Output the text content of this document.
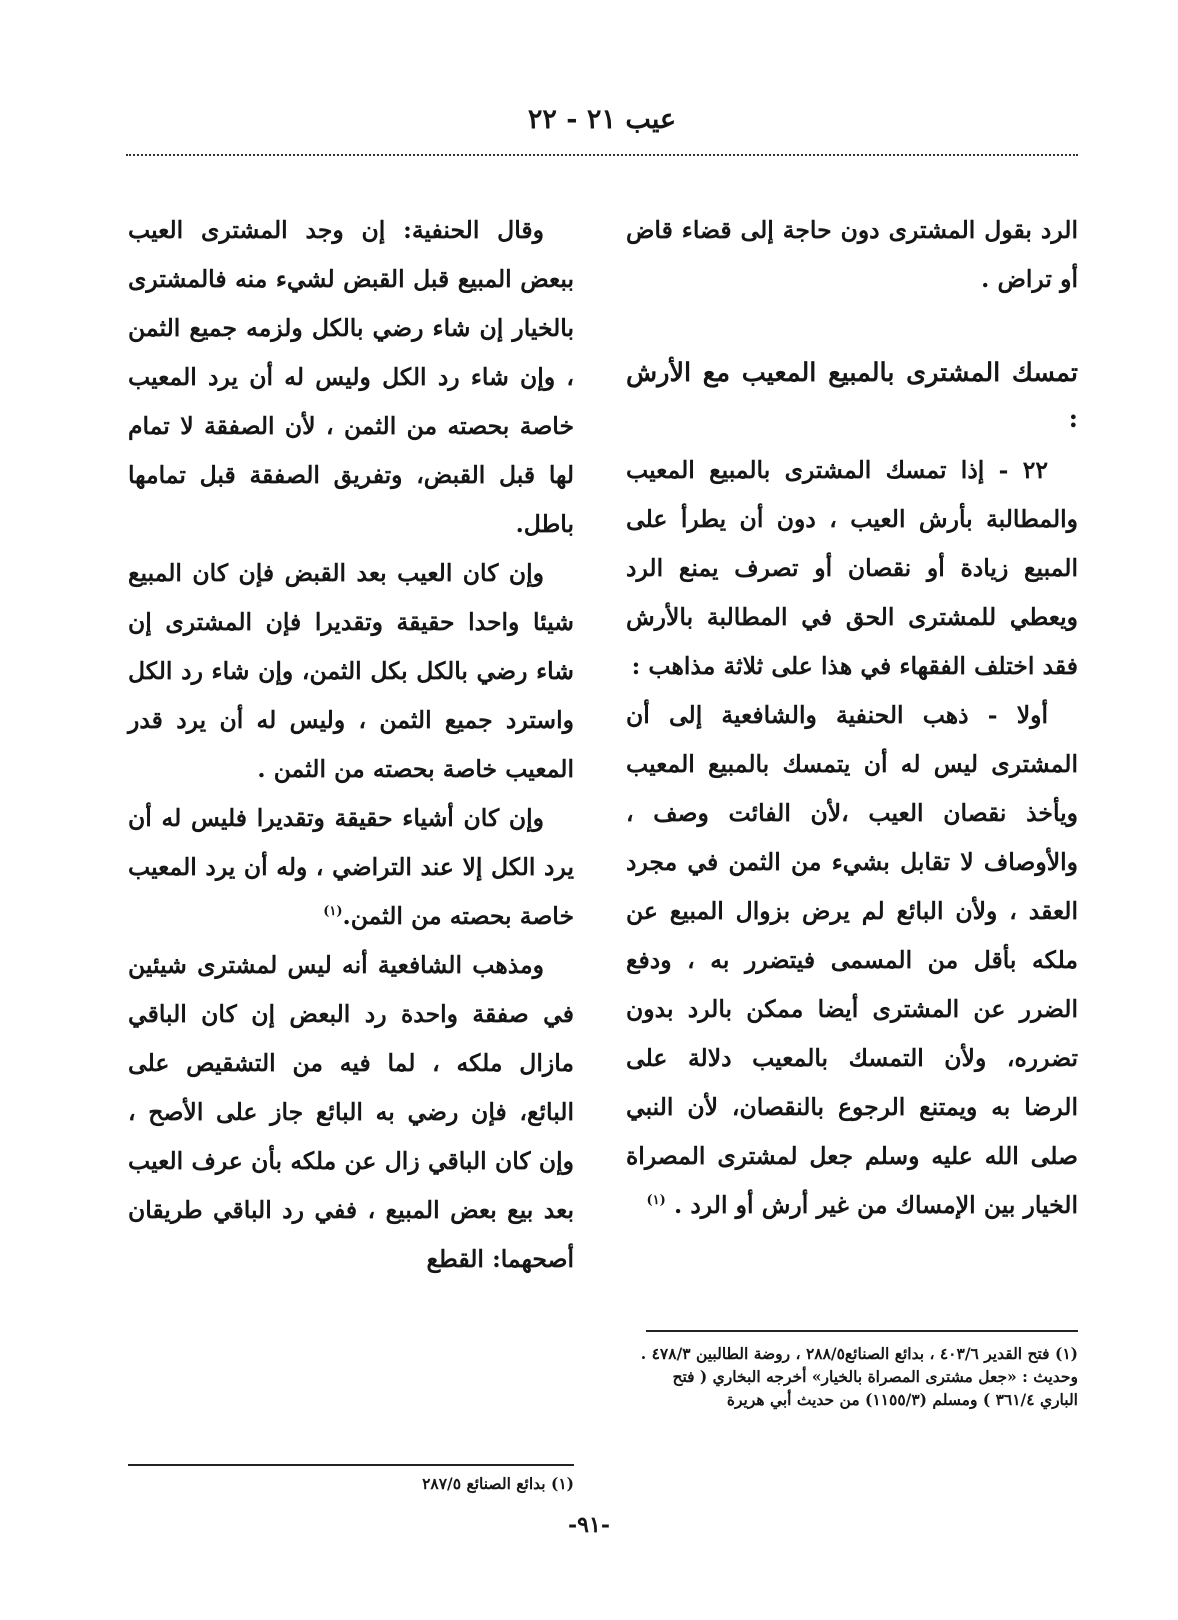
عيب ٢١ - ٢٢

الرد بقول المشترى دون حاجة إلى قضاء قاض أو تراض .

تمسك المشترى بالمبيع المعيب مع الأرش :

٢٢ - إذا تمسك المشترى بالمبيع المعيب والمطالبة بأرش العيب ، دون أن يطرأ على المبيع زيادة أو نقصان أو تصرف يمنع الرد ويعطي للمشترى الحق في المطالبة بالأرش فقد اختلف الفقهاء في هذا على ثلاثة مذاهب :

أولا - ذهب الحنفية والشافعية إلى أن المشترى ليس له أن يتمسك بالمبيع المعيب ويأخذ نقصان العيب ،لأن الفائت وصف ، والأوصاف لا تقابل بشيء من الثمن في مجرد العقد ، ولأن البائع لم يرض بزوال المبيع عن ملكه بأقل من المسمى فيتضرر به ، ودفع الضرر عن المشترى أيضا ممكن بالرد بدون تضرره، ولأن التمسك بالمعيب دلالة على الرضا به ويمتنع الرجوع بالنقصان، لأن النبي صلى الله عليه وسلم جعل لمشترى المصراة الخيار بين الإمساك من غير أرش أو الرد . $^{(١)}$

وقال الحنفية: إن وجد المشترى العيب ببعض المبيع قبل القبض لشيء منه فالمشترى بالخيار إن شاء رضي بالكل ولزمه جميع الثمن ، وإن شاء رد الكل وليس له أن يرد المعيب خاصة بحصته من الثمن ، لأن الصفقة لا تمام لها قبل القبض، وتفريق الصفقة قبل تمامها باطل.

وإن كان العيب بعد القبض فإن كان المبيع شيئا واحدا حقيقة وتقديرا فإن المشترى إن شاء رضي بالكل بكل الثمن، وإن شاء رد الكل واسترد جميع الثمن ، وليس له أن يرد قدر المعيب خاصة بحصته من الثمن .

وإن كان أشياء حقيقة وتقديرا فليس له أن يرد الكل إلا عند التراضي ، وله أن يرد المعيب خاصة بحصته من الثمن.$^{(١)}$

ومذهب الشافعية أنه ليس لمشترى شيئين في صفقة واحدة رد البعض إن كان الباقي مازال ملكه ، لما فيه من التشقيص على البائع، فإن رضي به البائع جاز على الأصح ، وإن كان الباقي زال عن ملكه بأن عرف العيب بعد بيع بعض المبيع ، ففي رد الباقي طريقان أصحهما: القطع

(١) بدائع الصنائع ٢٨٧/٥
(١) فتح القدير ٤٠٣/٦ ، بدائع الصنائع٢٨٨/٥ ، روضة الطالبين ٤٧٨/٣ .
وحديث : «جعل مشترى المصراة بالخيار» أخرجه البخاري ( فتح الباري ٣٦١/٤ ) ومسلم (١١٥٥/٣) من حديث أبي هريرة
-٩١-
